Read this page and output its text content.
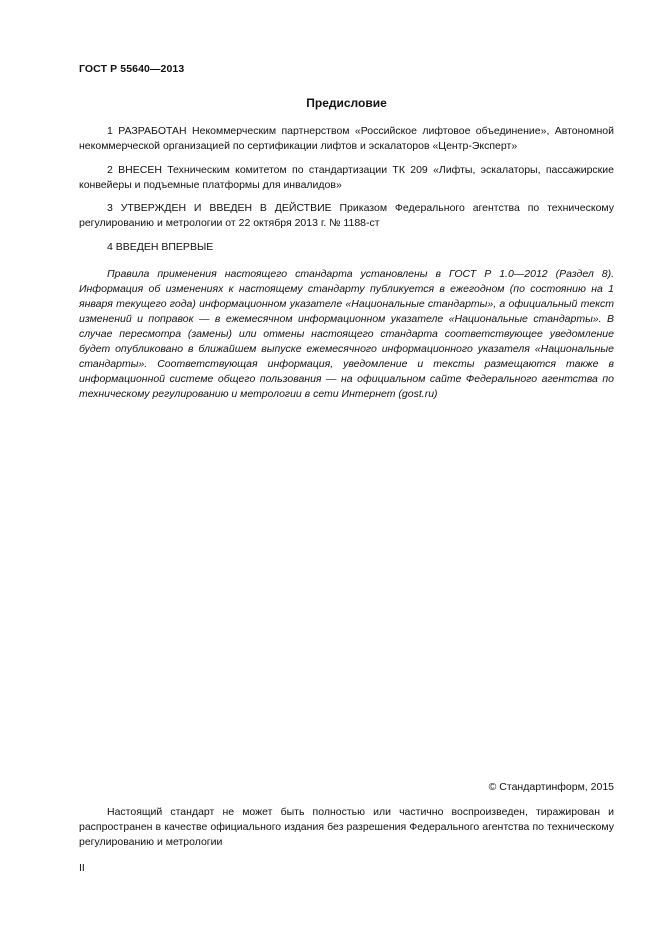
ГОСТ Р 55640—2013
Предисловие

1 РАЗРАБОТАН Некоммерческим партнерством «Российское лифтовое объединение», Автономной некоммерческой организацией по сертификации лифтов и эскалаторов «Центр-Эксперт»

2 ВНЕСЕН Техническим комитетом по стандартизации ТК 209 «Лифты, эскалаторы, пассажирские конвейеры и подъемные платформы для инвалидов»

3 УТВЕРЖДЕН И ВВЕДЕН В ДЕЙСТВИЕ Приказом Федерального агентства по техническому регулированию и метрологии от 22 октября 2013 г. № 1188-ст

4 ВВЕДЕН ВПЕРВЫЕ

Правила применения настоящего стандарта установлены в ГОСТ Р 1.0—2012 (Раздел 8). Информация об изменениях к настоящему стандарту публикуется в ежегодном (по состоянию на 1 января текущего года) информационном указателе «Национальные стандарты», а официальный текст изменений и поправок — в ежемесячном информационном указателе «Национальные стандарты». В случае пересмотра (замены) или отмены настоящего стандарта соответствующее уведомление будет опубликовано в ближайшем выпуске ежемесячного информационного указателя «Национальные стандарты». Соответствующая информация, уведомление и тексты размещаются также в информационной системе общего пользования — на официальном сайте Федерального агентства по техническому регулированию и метрологии в сети Интернет (gost.ru)

© Стандартинформ, 2015

Настоящий стандарт не может быть полностью или частично воспроизведен, тиражирован и распространен в качестве официального издания без разрешения Федерального агентства по техническому регулированию и метрологии

II
